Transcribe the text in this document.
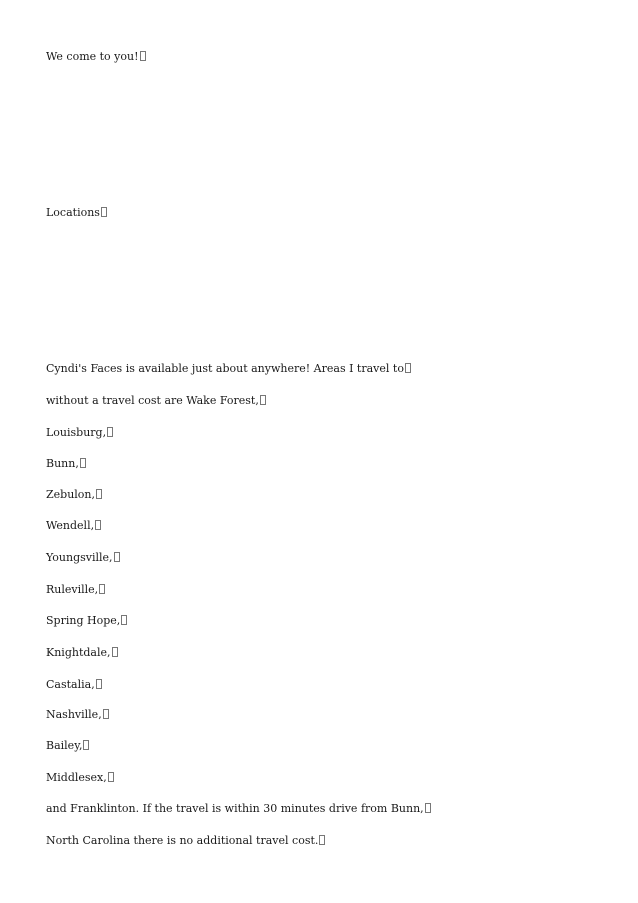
We come to you!
Locations
Cyndi's Faces is available just about anywhere! Areas I travel to
without a travel cost are Wake Forest,
Louisburg,
Bunn,
Zebulon,
Wendell,
Youngsville,
Ruleville,
Spring Hope,
Knightdale,
Castalia,
Nashville,
Bailey,
Middlesex,
and Franklinton. If the travel is within 30 minutes drive from Bunn,
North Carolina there is no additional travel cost.
